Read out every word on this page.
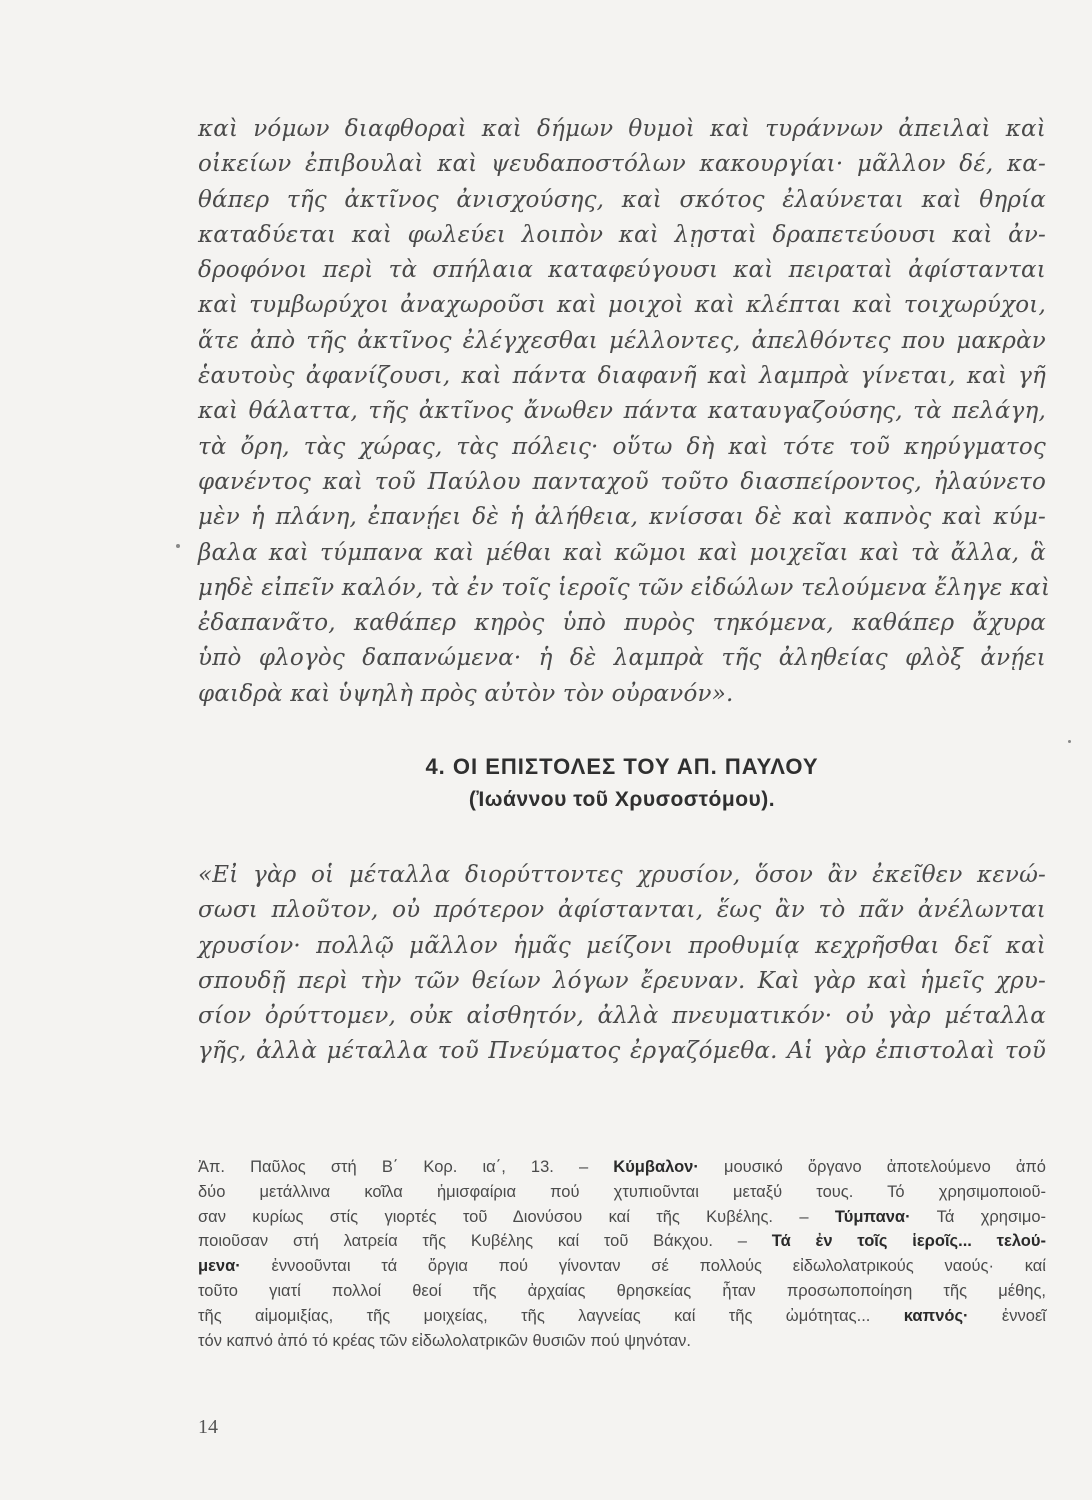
καὶ νόμων διαφθοραὶ καὶ δήμων θυμοὶ καὶ τυράννων ἀπειλαὶ καὶ
οἰκείων ἐπιβουλαὶ καὶ ψευδαποστόλων κακουργίαι· μᾶλλον δέ, κα-
θάπερ τῆς ἀκτῖνος ἀνισχούσης, καὶ σκότος ἐλαύνεται καὶ θηρία
καταδύεται καὶ φωλεύει λοιπὸν καὶ λῃσταὶ δραπετεύουσι καὶ ἀν-
δροφόνοι περὶ τὰ σπήλαια καταφεύγουσι καὶ πειραταὶ ἀφίστανται
καὶ τυμβωρύχοι ἀναχωροῦσι καὶ μοιχοὶ καὶ κλέπται καὶ τοιχωρύχοι,
ἅτε ἀπὸ τῆς ἀκτῖνος ἐλέγχεσθαι μέλλοντες, ἀπελθόντες που μακρὰν
ἑαυτοὺς ἀφανίζουσι, καὶ πάντα διαφανῆ καὶ λαμπρὰ γίνεται, καὶ γῆ
καὶ θάλαττα, τῆς ἀκτῖνος ἄνωθεν πάντα καταυγαζούσης, τὰ πελάγη,
τὰ ὄρη, τὰς χώρας, τὰς πόλεις· οὕτω δὴ καὶ τότε τοῦ κηρύγματος
φανέντος καὶ τοῦ Παύλου πανταχοῦ τοῦτο διασπείροντος, ἠλαύνετο
μὲν ἡ πλάνη, ἐπανῄει δὲ ἡ ἀλήθεια, κνίσσαι δὲ καὶ καπνὸς καὶ κύμ-
βαλα καὶ τύμπανα καὶ μέθαι καὶ κῶμοι καὶ μοιχεῖαι καὶ τὰ ἄλλα, ἃ
μηδὲ εἰπεῖν καλόν, τὰ ἐν τοῖς ἱεροῖς τῶν εἰδώλων τελούμενα ἔληγε καὶ
ἐδαπανᾶτο, καθάπερ κηρὸς ὑπὸ πυρὸς τηκόμενα, καθάπερ ἄχυρα
ὑπὸ φλογὸς δαπανώμενα· ἡ δὲ λαμπρὰ τῆς ἀληθείας φλὸξ ἀνῄει
φαιδρὰ καὶ ὑψηλὴ πρὸς αὐτὸν τὸν οὐρανόν».
4. ΟΙ ΕΠΙΣΤΟΛΕΣ ΤΟΥ ΑΠ. ΠΑΥΛΟΥ
(Ἰωάννου τοῦ Χρυσοστόμου).
«Εἰ γὰρ οἱ μέταλλα διορύττοντες χρυσίον, ὅσον ἂν ἐκεῖθεν κενώ-
σωσι πλοῦτον, οὐ πρότερον ἀφίστανται, ἕως ἂν τὸ πᾶν ἀνέλωνται
χρυσίον· πολλῷ μᾶλλον ἡμᾶς μείζονι προθυμίᾳ κεχρῆσθαι δεῖ καὶ
σπουδῇ περὶ τὴν τῶν θείων λόγων ἔρευναν. Καὶ γὰρ καὶ ἡμεῖς χρυ-
σίον ὀρύττομεν, οὐκ αἰσθητόν, ἀλλὰ πνευματικόν· οὐ γὰρ μέταλλα
γῆς, ἀλλὰ μέταλλα τοῦ Πνεύματος ἐργαζόμεθα. Αἱ γὰρ ἐπιστολαὶ τοῦ
Ἀπ. Παῦλος στή Β΄ Κορ. ια΄, 13. – Κύμβαλον· μουσικό ὄργανο ἀποτελούμενο ἀπό
δύο μετάλλινα κοῖλα ἡμισφαίρια πού χτυπιοῦνται μεταξύ τους. Τό χρησιμοποιοῦ-
σαν κυρίως στίς γιορτές τοῦ Διονύσου καί τῆς Κυβέλης. – Τύμπανα· Τά χρησιμο-
ποιοῦσαν στή λατρεία τῆς Κυβέλης καί τοῦ Βάκχου. – Τά ἐν τοῖς ἱεροῖς... τελού-
μενα· ἐννοοῦνται τά ὄργια πού γίνονταν σέ πολλούς εἰδωλολατρικούς ναούς· καί
τοῦτο γιατί πολλοί θεοί τῆς ἀρχαίας θρησκείας ἦταν προσωποποίηση τῆς μέθης,
τῆς αἱμομιξίας, τῆς μοιχείας, τῆς λαγνείας καί τῆς ὠμότητας... καπνός· ἐννοεῖ
τόν καπνό ἀπό τό κρέας τῶν εἰδωλολατρικῶν θυσιῶν πού ψηνόταν.
14
